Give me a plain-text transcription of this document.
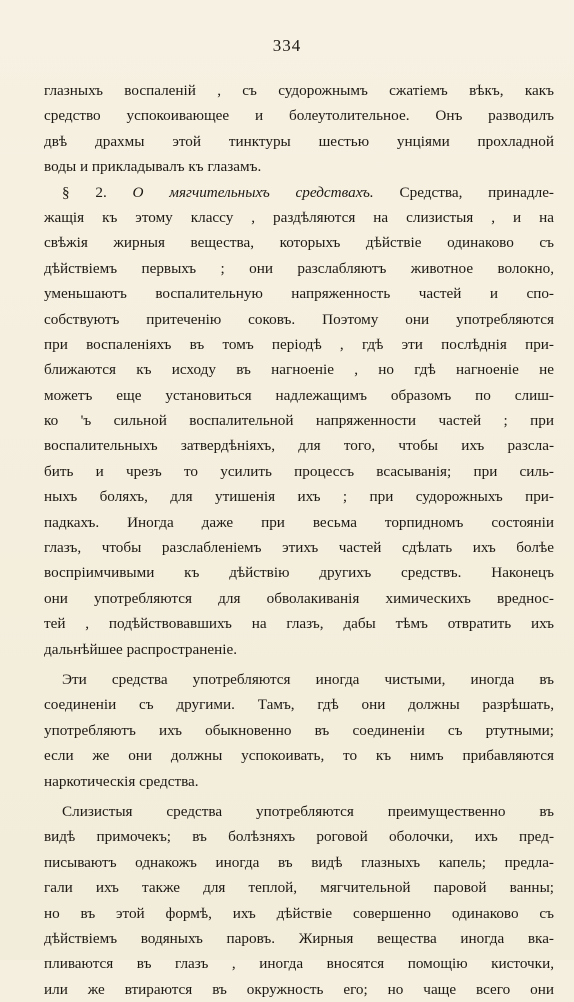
334
глазныхъ воспаленій , съ судорожнымъ сжатіемъ вѣкъ, какъ
средство успокоивающее и болеутолительное. Онъ разводилъ
двѣ драхмы этой тинктуры шестью унціями прохладной
воды и прикладывалъ къ глазамъ.
§ 2. О мягчительныхъ средствахъ. Средства, принадле-
жащія къ этому классу , раздѣляются на слизистыя , и на
свѣжія жирныя вещества, которыхъ дѣйствіе одинаково съ
дѣйствіемъ первыхъ ; они разслабляютъ животное волокно,
уменьшаютъ воспалительную напряженность частей и спо-
собствуютъ притеченію соковъ. Поэтому они употребляются
при воспаленіяхъ въ томъ періодѣ , гдѣ эти послѣднія при-
ближаются къ исходу въ нагноеніе , но гдѣ нагноеніе не
можетъ еще установиться надлежащимъ образомъ по слиш-
ко 'ъ сильной воспалительной напряженности частей ; при
воспалительныхъ затвердѣніяхъ, для того, чтобы ихъ разсла-
бить и чрезъ то усилить процессъ всасыванія; при силь-
ныхъ боляхъ, для утишенія ихъ ; при судорожныхъ при-
падкахъ. Иногда даже при весьма торпидномъ состояніи
глазъ, чтобы разслабленіемъ этихъ частей сдѣлать ихъ болѣе
воспріимчивыми къ дѣйствію другихъ средствъ. Наконецъ
они употребляются для обволакиванія химическихъ вреднос-
тей , подѣйствовавшихъ на глазъ, дабы тѣмъ отвратить ихъ
дальнѣйшее распространеніе.
Эти средства употребляются иногда чистыми, иногда въ
соединеніи съ другими. Тамъ, гдѣ они должны разрѣшать,
употребляютъ ихъ обыкновенно въ соединеніи съ ртутными;
если же они должны успокоивать, то къ нимъ прибавляются
наркотическія средства.
Слизистыя средства употребляются преимущественно въ
видѣ примочекъ; въ болѣзняхъ роговой оболочки, ихъ пред-
писываютъ однакожъ иногда въ видѣ глазныхъ капель; предла-
гали ихъ также для теплой, мягчительной паровой ванны;
но въ этой формѣ, ихъ дѣйствіе совершенно одинаково съ
дѣйствіемъ водяныхъ паровъ. Жирныя вещества иногда вка-
пливаются въ глазъ , иногда вносятся помощію кисточки,
или же втираются въ окружность его; но чаще всего они
